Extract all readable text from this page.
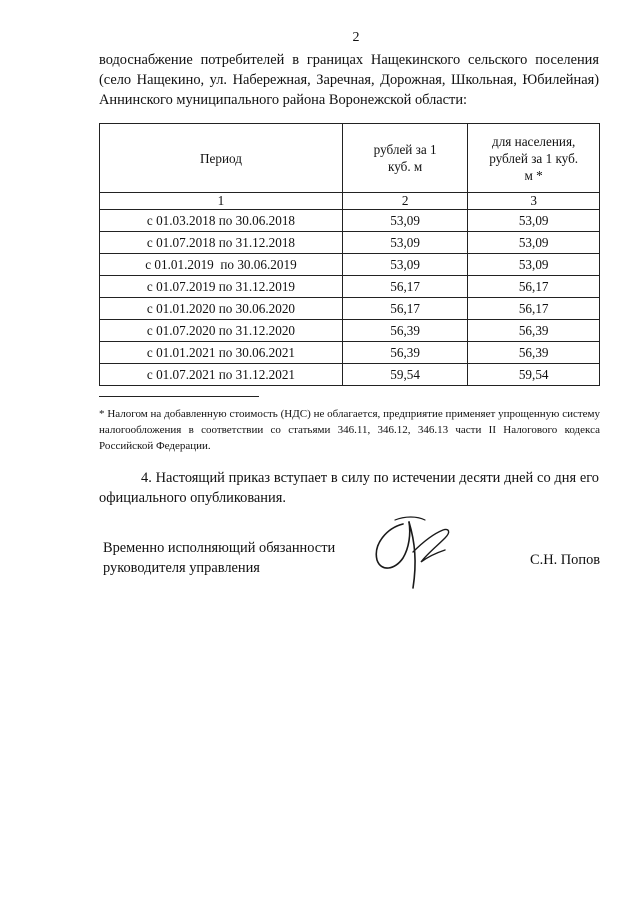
2

водоснабжение потребителей в границах Нащекинского сельского поселения (село Нащекино, ул. Набережная, Заречная, Дорожная, Школьная, Юбилейная) Аннинского муниципального района Воронежской области:

Период	рублей за 1 куб. м	для населения, рублей за 1 куб. м *

1	2	3
с 01.03.2018 по 30.06.2018	53,09	53,09
с 01.07.2018 по 31.12.2018	53,09	53,09
с 01.01.2019  по 30.06.2019	53,09	53,09
с 01.07.2019 по 31.12.2019	56,17	56,17
с 01.01.2020 по 30.06.2020	56,17	56,17
с 01.07.2020 по 31.12.2020	56,39	56,39
с 01.01.2021 по 30.06.2021	56,39	56,39
с 01.07.2021 по 31.12.2021	59,54	59,54

* Налогом на добавленную стоимость (НДС) не облагается, предприятие применяет упрощенную систему налогообложения в соответствии со статьями 346.11, 346.12, 346.13 части II Налогового кодекса Российской Федерации.

4. Настоящий приказ вступает в силу по истечении десяти дней со дня его официального опубликования.

Временно исполняющий обязанности
руководителя управления	С.Н. Попов
